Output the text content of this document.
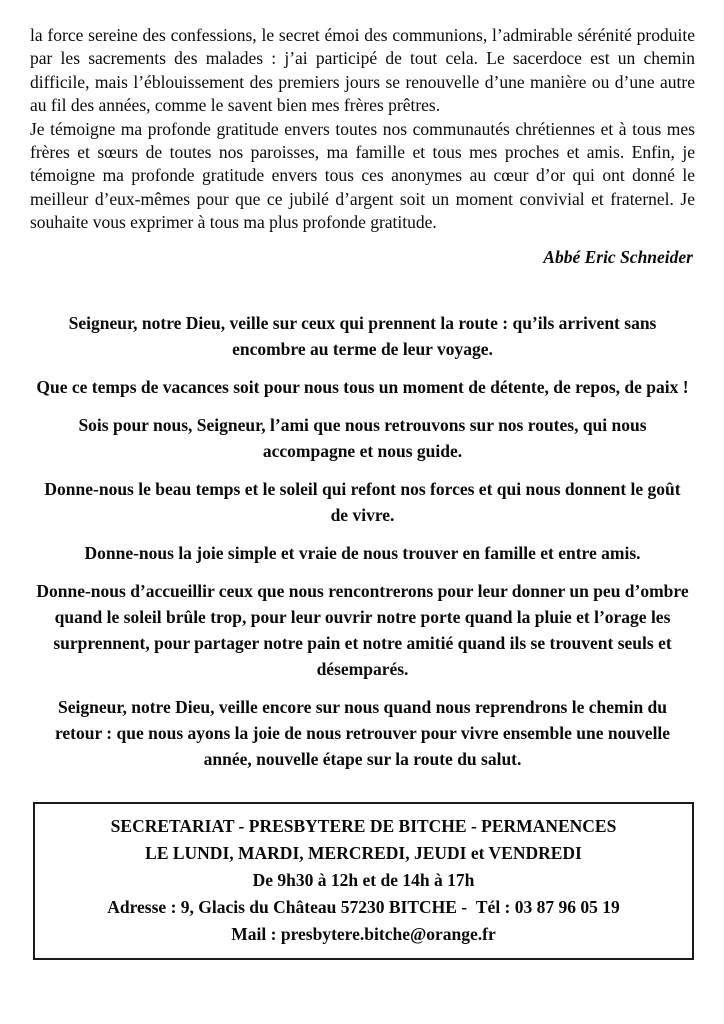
la force sereine des confessions, le secret émoi des communions, l’admirable sérénité produite par les sacrements des malades : j’ai participé de tout cela. Le sacerdoce est un chemin difficile, mais l’éblouissement des premiers jours se renouvelle d’une manière ou d’une autre au fil des années, comme le savent bien mes frères prêtres.

Je témoigne ma profonde gratitude envers toutes nos communautés chrétiennes et à tous mes frères et sœurs de toutes nos paroisses, ma famille et tous mes proches et amis. Enfin, je témoigne ma profonde gratitude envers tous ces anonymes au cœur d’or qui ont donné le meilleur d’eux-mêmes pour que ce jubilé d’argent soit un moment convivial et fraternel. Je souhaite vous exprimer à tous ma plus profonde gratitude.

Abbé Eric Schneider

Seigneur, notre Dieu, veille sur ceux qui prennent la route : qu’ils arrivent sans encombre au terme de leur voyage.

Que ce temps de vacances soit pour nous tous un moment de détente, de repos, de paix !

Sois pour nous, Seigneur, l’ami que nous retrouvons sur nos routes, qui nous accompagne et nous guide.

Donne-nous le beau temps et le soleil qui refont nos forces et qui nous donnent le goût de vivre.

Donne-nous la joie simple et vraie de nous trouver en famille et entre amis.

Donne-nous d’accueillir ceux que nous rencontrerons pour leur donner un peu d’ombre quand le soleil brûle trop, pour leur ouvrir notre porte quand la pluie et l’orage les surprennent, pour partager notre pain et notre amitié quand ils se trouvent seuls et désemparés.

Seigneur, notre Dieu, veille encore sur nous quand nous reprendrons le chemin du retour : que nous ayons la joie de nous retrouver pour vivre ensemble une nouvelle année, nouvelle étape sur la route du salut.

SECRETARIAT - PRESBYTERE DE BITCHE - PERMANENCES

LE LUNDI, MARDI, MERCREDI, JEUDI et VENDREDI

De 9h30 à 12h et de 14h à 17h

Adresse : 9, Glacis du Château 57230 BITCHE -  Tél : 03 87 96 05 19

Mail : presbytere.bitche@orange.fr
